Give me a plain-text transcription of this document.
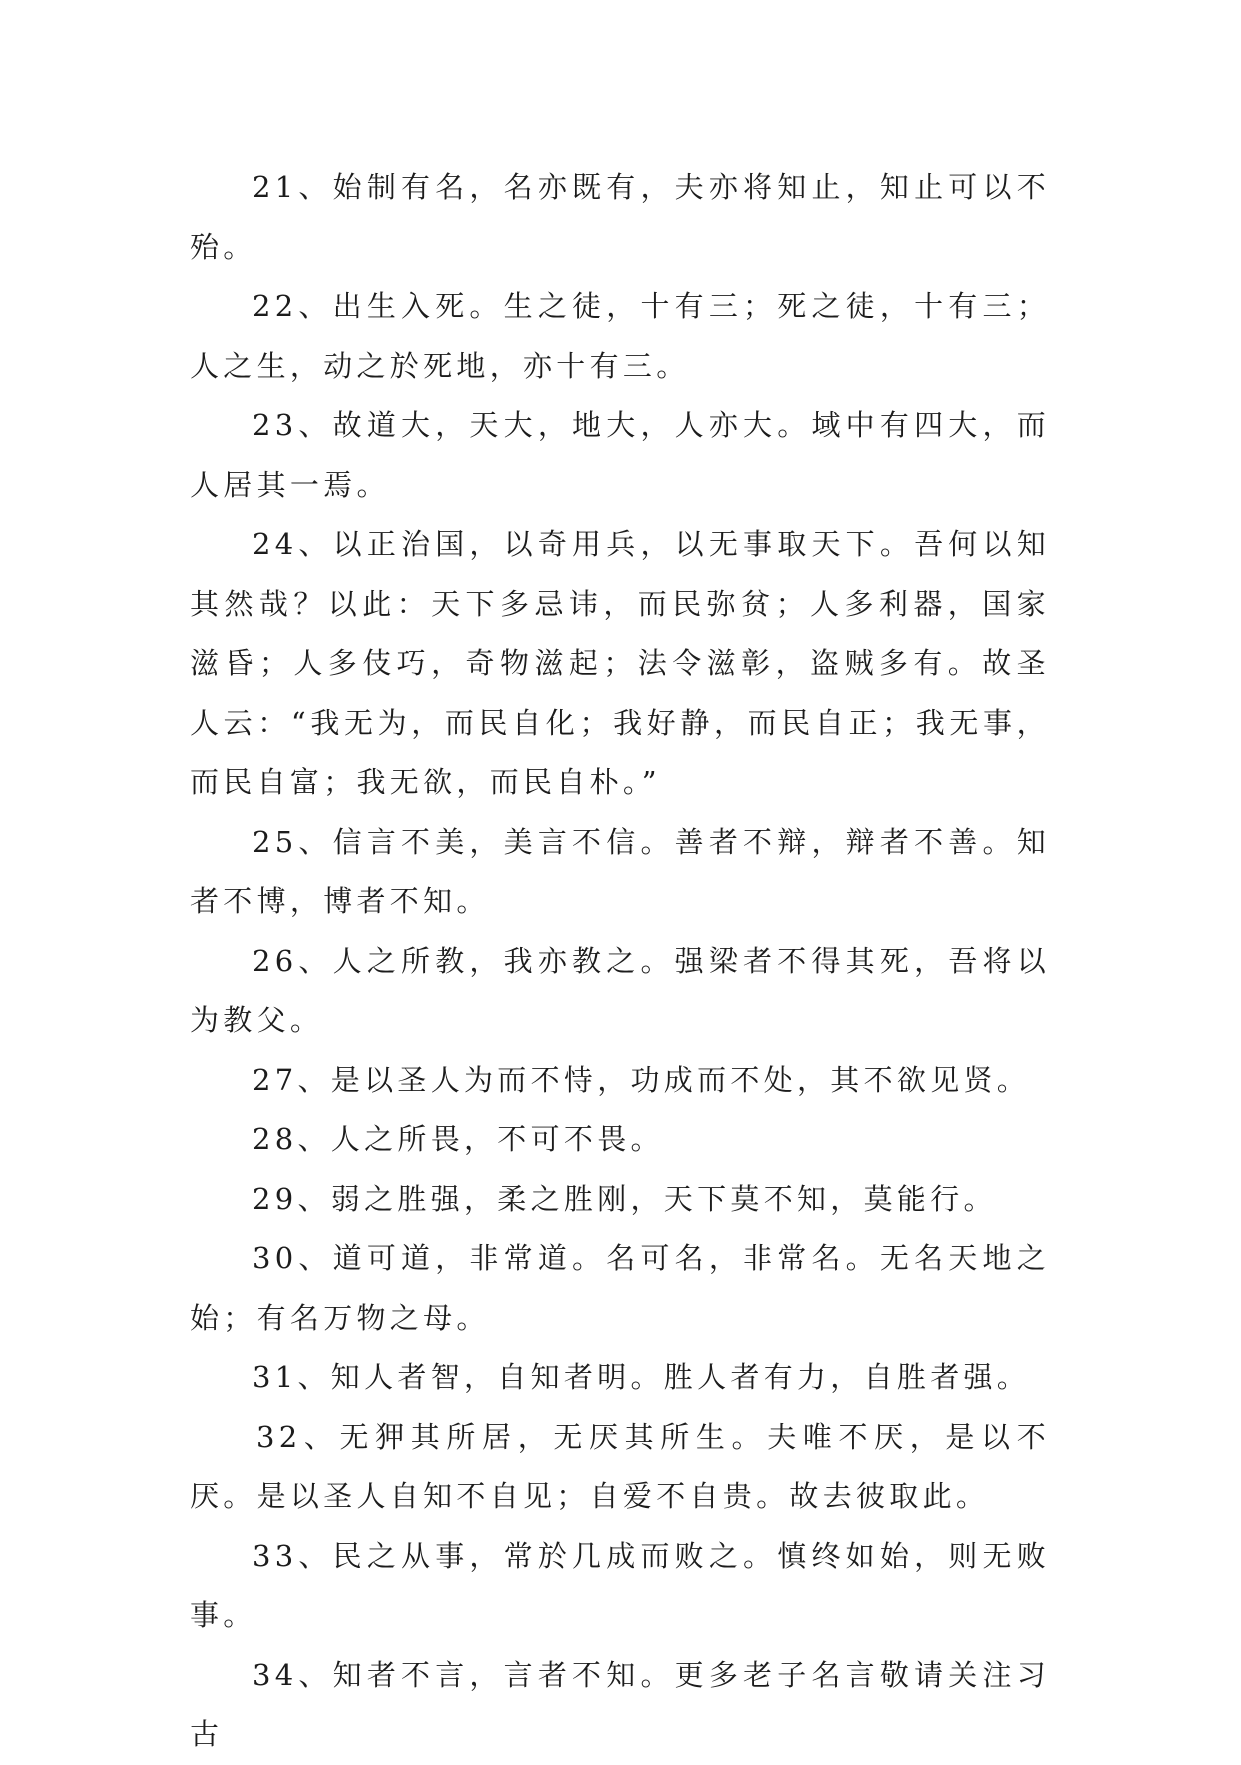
21、始制有名，名亦既有，夫亦将知止，知止可以不殆。

22、出生入死。生之徒，十有三；死之徒，十有三；人之生，动之於死地，亦十有三。

23、故道大，天大，地大，人亦大。域中有四大，而人居其一焉。

24、以正治国，以奇用兵，以无事取天下。吾何以知其然哉？以此：天下多忌讳，而民弥贫；人多利器，国家滋昏；人多伎巧，奇物滋起；法令滋彰，盗贼多有。故圣人云：“我无为，而民自化；我好静，而民自正；我无事，而民自富；我无欲，而民自朴。”

25、信言不美，美言不信。善者不辩，辩者不善。知者不博，博者不知。

26、人之所教，我亦教之。强梁者不得其死，吾将以为教父。

27、是以圣人为而不恃，功成而不处，其不欲见贤。

28、人之所畏，不可不畏。

29、弱之胜强，柔之胜刚，天下莫不知，莫能行。

30、道可道，非常道。名可名，非常名。无名天地之始；有名万物之母。

31、知人者智，自知者明。胜人者有力，自胜者强。

32、无狎其所居，无厌其所生。夫唯不厌，是以不厌。是以圣人自知不自见；自爱不自贵。故去彼取此。

33、民之从事，常於几成而败之。慎终如始，则无败事。

34、知者不言，言者不知。更多老子名言敬请关注习古
